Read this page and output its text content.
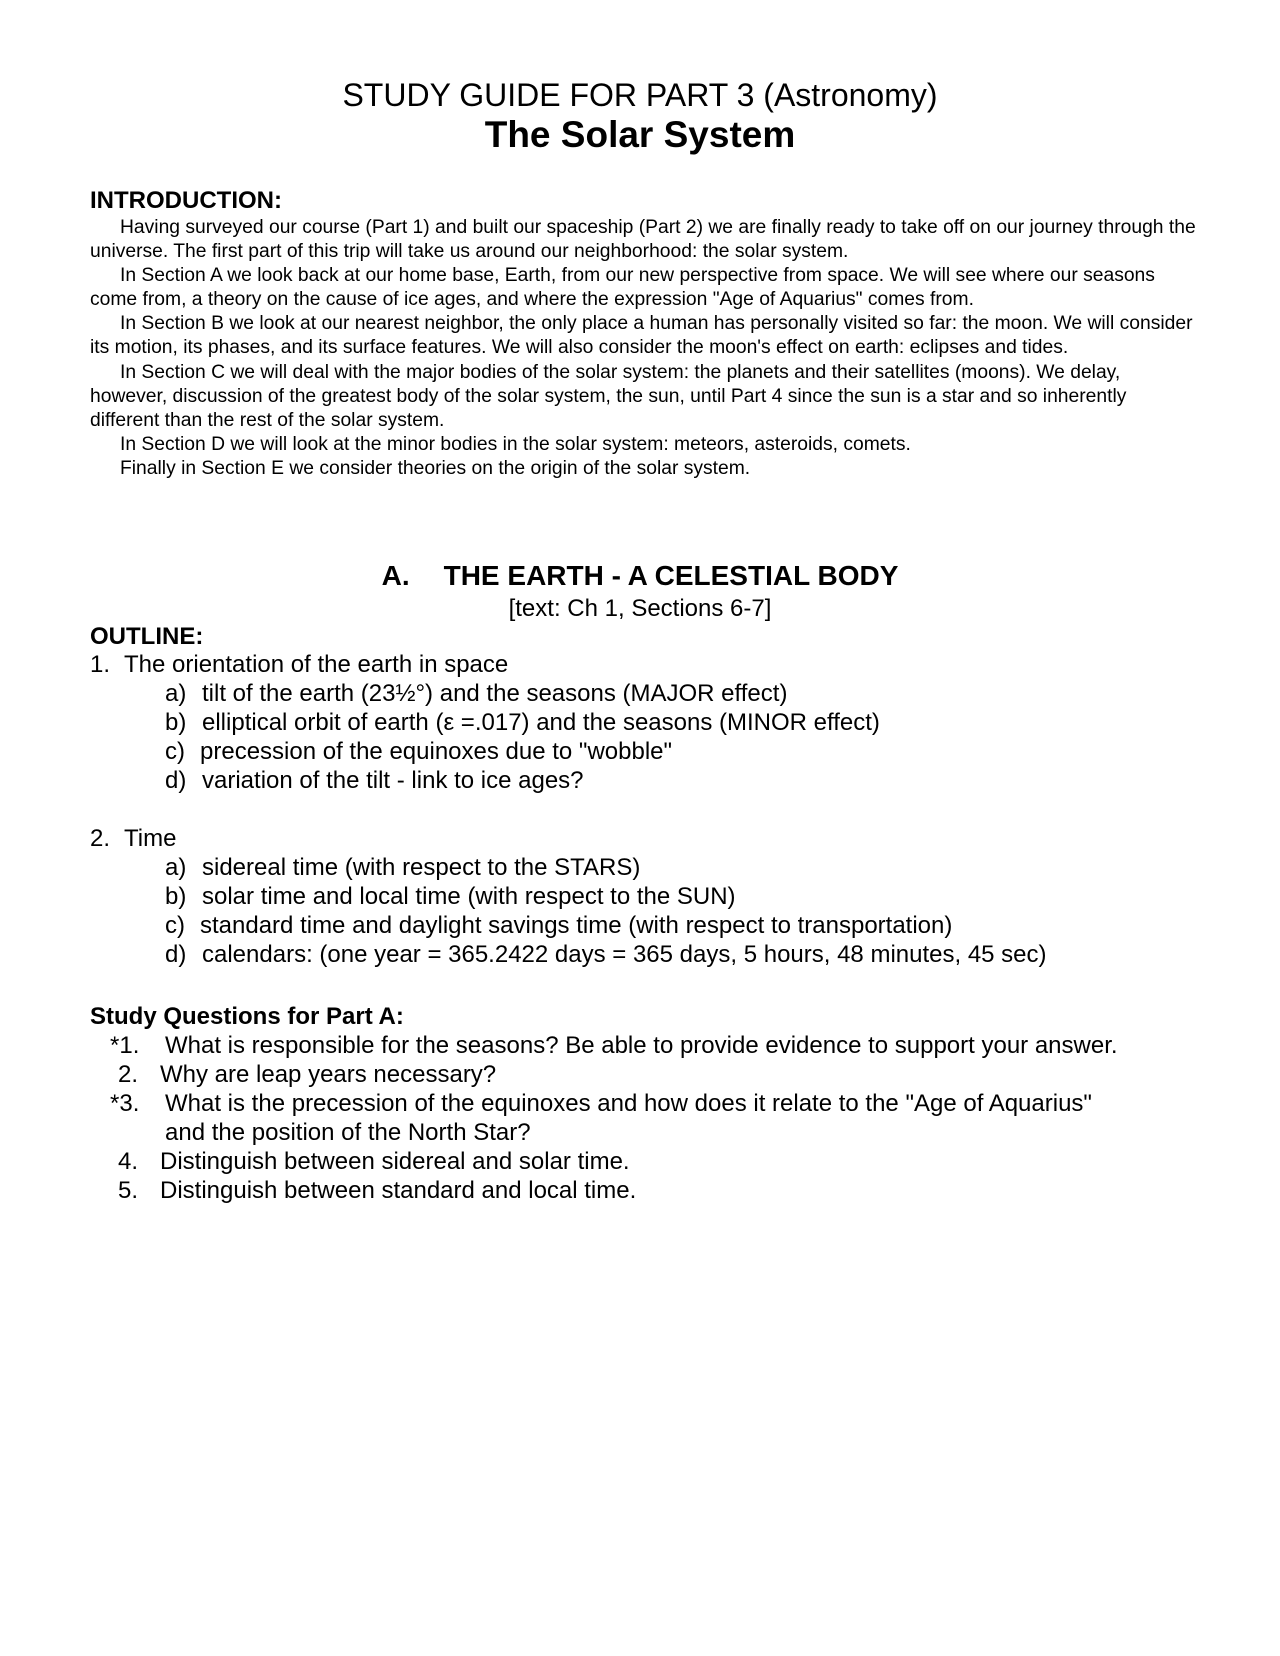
STUDY GUIDE FOR PART 3 (Astronomy)
The Solar System
INTRODUCTION:

Having surveyed our course (Part 1) and built our spaceship (Part 2) we are finally ready to take off on our journey through the universe. The first part of this trip will take us around our neighborhood: the solar system.

In Section A we look back at our home base, Earth, from our new perspective from space. We will see where our seasons come from, a theory on the cause of ice ages, and where the expression "Age of Aquarius" comes from.

In Section B we look at our nearest neighbor, the only place a human has personally visited so far: the moon. We will consider its motion, its phases, and its surface features. We will also consider the moon's effect on earth: eclipses and tides.

In Section C we will deal with the major bodies of the solar system: the planets and their satellites (moons). We delay, however, discussion of the greatest body of the solar system, the sun, until Part 4 since the sun is a star and so inherently different than the rest of the solar system.

In Section D we will look at the minor bodies in the solar system: meteors, asteroids, comets.

Finally in Section E we consider theories on the origin of the solar system.

A. THE EARTH - A CELESTIAL BODY
[text: Ch 1, Sections 6-7]
OUTLINE:
1. The orientation of the earth in space
a) tilt of the earth (23½°) and the seasons (MAJOR effect)
b) elliptical orbit of earth (ε =.017) and the seasons (MINOR effect)
c) precession of the equinoxes due to "wobble"
d) variation of the tilt - link to ice ages?
2. Time
a) sidereal time (with respect to the STARS)
b) solar time and local time (with respect to the SUN)
c) standard time and daylight savings time (with respect to transportation)
d) calendars: (one year = 365.2422 days = 365 days, 5 hours, 48 minutes, 45 sec)
Study Questions for Part A:
*1. What is responsible for the seasons? Be able to provide evidence to support your answer.
2. Why are leap years necessary?
*3. What is the precession of the equinoxes and how does it relate to the "Age of Aquarius"
and the position of the North Star?
4. Distinguish between sidereal and solar time.
5. Distinguish between standard and local time.
